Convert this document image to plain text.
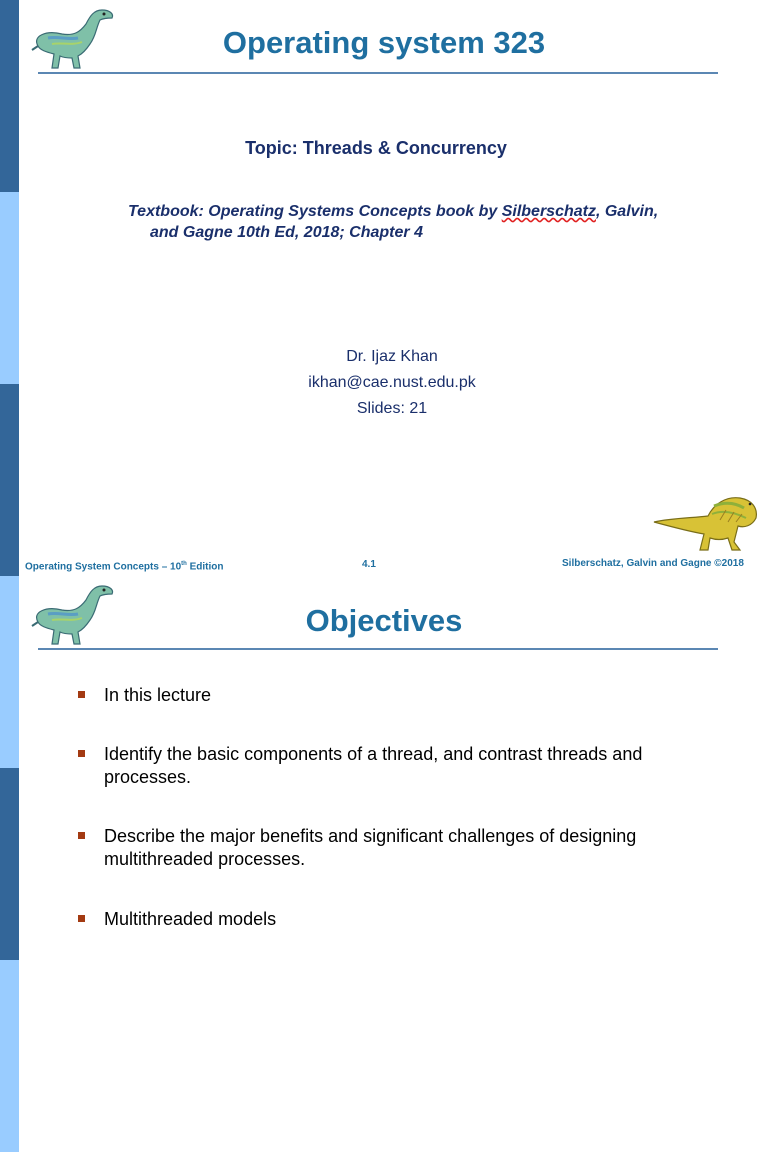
Operating system 323
Topic: Threads & Concurrency
Textbook: Operating Systems Concepts book by Silberschatz, Galvin,
and Gagne 10th Ed, 2018; Chapter 4
Dr. Ijaz Khan
ikhan@cae.nust.edu.pk
Slides: 21
Operating System Concepts – 10th Edition	4.1	Silberschatz, Galvin and Gagne ©2018
Objectives
In this lecture
Identify the basic components of a thread, and contrast threads and processes.
Describe the major benefits and significant challenges of designing multithreaded processes.
Multithreaded models
